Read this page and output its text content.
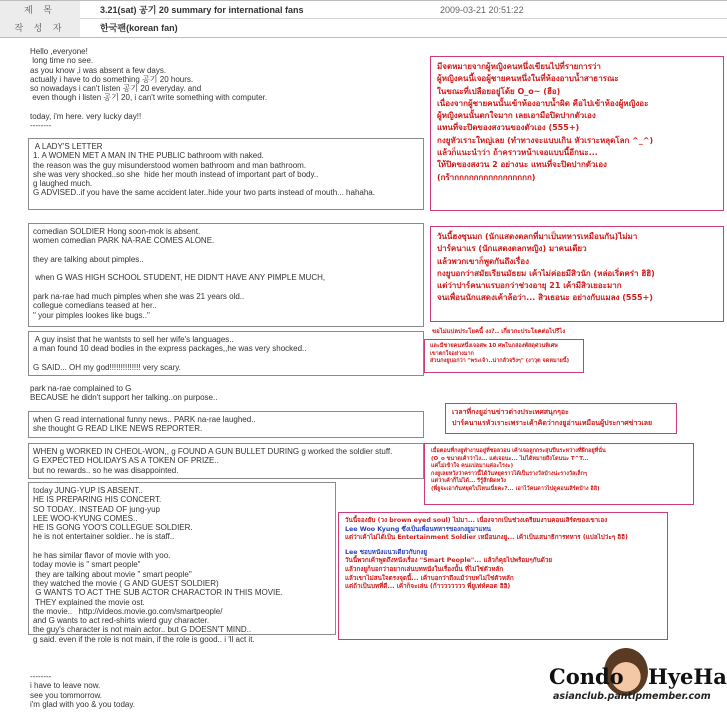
제 목	3.21(sat) 공기 20 summary for international fans	2009-03-21 20:51:22
작 성 자	한국팬(korean fan)
Hello ,everyone!
long time no see.
as you know ,i was absent a few days.
actually i have to do something 공기 20 hours.
so nowadays i can't listen 공기 20 everyday. and
even though i listen 공기 20, i can't write something with computer.

today, i'm here. very lucky day!!
--------
A LADY'S LETTER
1. A WOMEN MET A MAN IN THE PUBLIC bathroom with naked.
the reason was the guy misunderstood women bathroom and man bathroom.
she was very shocked..so she  hide her mouth instead of important part of body..
g laughed much.
G ADVISED..if you have the same accident later..hide your two parts instead of mouth... hahaha.
comedian SOLDIER Hong soon-mok is absent.
women comedian PARK NA-RAE COMES ALONE.

they are talking about pimples..

when G WAS HIGH SCHOOL STUDENT, HE DIDN'T HAVE ANY PIMPLE MUCH,

park na-rae had much pimples when she was 21 years old..
collegue comedians teased at her..
" your pimples lookes like bugs.."
A guy insist that he wantsts to sell her wife's languages..
a man found 10 dead bodies in the express packages,,he was very shocked..

G SAID... OH my god!!!!!!!!!!!!!! very scary.
park na-rae complained to G
BECAUSE he didn't support her talking..on purpose..
when G read international funny news.. PARK na-rae laughed..
she thought G READ LIKE NEWS REPORTER.
WHEN g WORKED IN CHEOL-WON,, g FOUND A GUN BULLET DURING g worked the soldier stuff.
G EXPECTED HOLIDAYS AS A TOKEN OF PRIZE..
but no rewards.. so he was disappointed.
today JUNG-YUP IS ABSENT..
HE IS PREPARING HIS CONCERT.
SO TODAY.. INSTEAD OF jung-yup
LEE WOO-KYUNG COMES..
HE IS GONG YOO'S COLLEGUE SOLDIER.
he is not entertainer soldier.. he is staff..

he has similar flavor of movie with yoo.
today movie is " smart people"
they are talking about movie " smart people"
they watched the movie ( G AND GUEST SOLDIER)
G WANTS TO ACT THE SUB ACTOR CHARACTOR IN THIS MOVIE.
THEY explained the movie ost.
the movie..   http://videos.movie.go.com/smartpeople/
and G wants to act red-shirts wierd guy character.
the guy's character is not main actor.. but G DOESN'T MIND..
g said. even if the role is not main, if the role is good.. i 'll act it.
--------
i have to leave now.
see you tommorrow.
i'm glad with yoo & you today.
มีจดหมายจากผู้หญิงคนหนึ่งเขียนไปที่รายการว่า
ผู้หญิงคนนี้เจอผู้ชายคนหนึ่งในที่ห้องอาบน้ำสาธารณะ
ในขณะที่เปลือยอยู่โด้ย O_o~ (ฮือ)
เนื่องจากผู้ชายคนนั้นเข้าห้องอาบน้ำผิด คือไปเข้าห้องผู้หญิงอะ
ผู้หญิงคนนั้นตกใจมาก เลยเอามือปิดปากตัวเอง
แทนที่จะปิดของสงวนของตัวเอง (555+)
กงยูหัวเราะใหญ่เลย (ทำทางจะแบบเกิน หัวเราะหลุดโลก ^_^)
แล้วก็แนะนำว่า ถ้าคราวหน้าเจอแบบนี้อีกนะ...
ให้ปิดของสงวน 2 อย่างนะ แทนที่จะปิดปากตัวเอง
(กร้ากกกกกกกกกกกกกกกก)
วันนี้ฮงซุนมก (นักแสดงตลกที่มาเป็นทหารเหมือนกัน)ไม่มา
ปาร์คนาแร (นักแสดงตลกหญิง) มาคนเดียว
แล้วพวกเขาก็พูดกันถึงเรื่อง
กงยูบอกว่าสมัยเรียนมัธยม เค้าไม่ค่อยมีสิวนัก (หล่อเริ่ดคร่า ฮิฮิ)
แต่ว่าปาร์คนาแรบอกว่าช่วงอายุ 21 เค้ามีสิวเยอะมาก
จนเพื่อนนักแสดงเค้าล้อว่า... สิวเธอนะ อย่างกับแมลง (555+)
ขอไม่แปลประโยคนี้ งง?.. เกี่ยวกะประโยคต่อไปรึไง
และมีชายคนหนึ่งเจอศพ 10 ศพในกล่องพัสดุด่วนพิเศษ
เขาตกใจอย่างมาก
ส่วนกงยูบอกว่า "พระเจ้า..น่ากลัวจริงๆ" (งาวุต จดหมายนี้)
เวลาที่กงยูอ่านข่าวต่างประเทศสนุกๆอะ
ปาร์คนาแรหัวเราะเพราะเค้าคิดว่ากงยูอ่านเหมือนผู้ประกาศข่าวเลย
เมื่อตอนที่กงยูทำงานอยู่ที่ชอลวอน เค้าเจอลูกกระสุนปืนระหว่างที่ฝึกอยู่ที่นั่น
(O_o ขนาดเค้าว่าไง... แต่เจอนะ... ไม่ได้หมายถึงโดนนะ T^T...
แค่ไม่เข้าใจ คนแปลมาแค่อะไรงะ)
กงยูเลยหวังว่าคราวนี้ได้วันหยุดราวได้เป็นรางวัลบ้างน่ะรางวัลเล็กๆ
แต่ว่าเค้าก็ไม่ได้... รีรู้สึกผิดหวัง
(พี่ยูจะเอากันหยุดไปไหนเนี่ยคะ?... เอาไว้คนดาวไปดูคอนเสิร์ตบ้าง ฮิฮิ)
วันนี้จองยับ (วง brown eyed soul) ไม่มา... เนื่องจากเป็นช่วงเตรียมงานคอนเสิร์ตของเขาเอง
Lee Woo Kyung ซึ่งเป็นเพื่อนทหารของกงยูมาแทน
แต่ว่าเค้าไม่ได้เป็น Entertainment Soldier เหมือนกงยู... เค้าเป็นเสนาธิการทหาร (แปลไปว่ะๆ ฮิฮิ)
Lee ชอบหนังแนวเดียวกับกงยู
วันนี้พวกเค้าพูดถึงหนังเรื่อง "Smart People"... แล้วก็คุยไปพร้อมๆกันด้วย
แล้วกงยูก็บอกว่าอยากเล่นบทหนังในเรื่องนั้น ที่ไม่ใช่ตัวหลัก
แล้วเขาไม่สนใจตรงจุดนี้... เค้าบอกว่าถึงแม้ว่าบทไม่ใช่ตัวหลัก
แต่ถ้าเป็นบทที่ดี... เค้าก็จะเล่น (ก้าววววววว พี่ยูเท่ห์คอต ฮิฮิ)
Condo HyeHa
asianclub.pantipmember.com
